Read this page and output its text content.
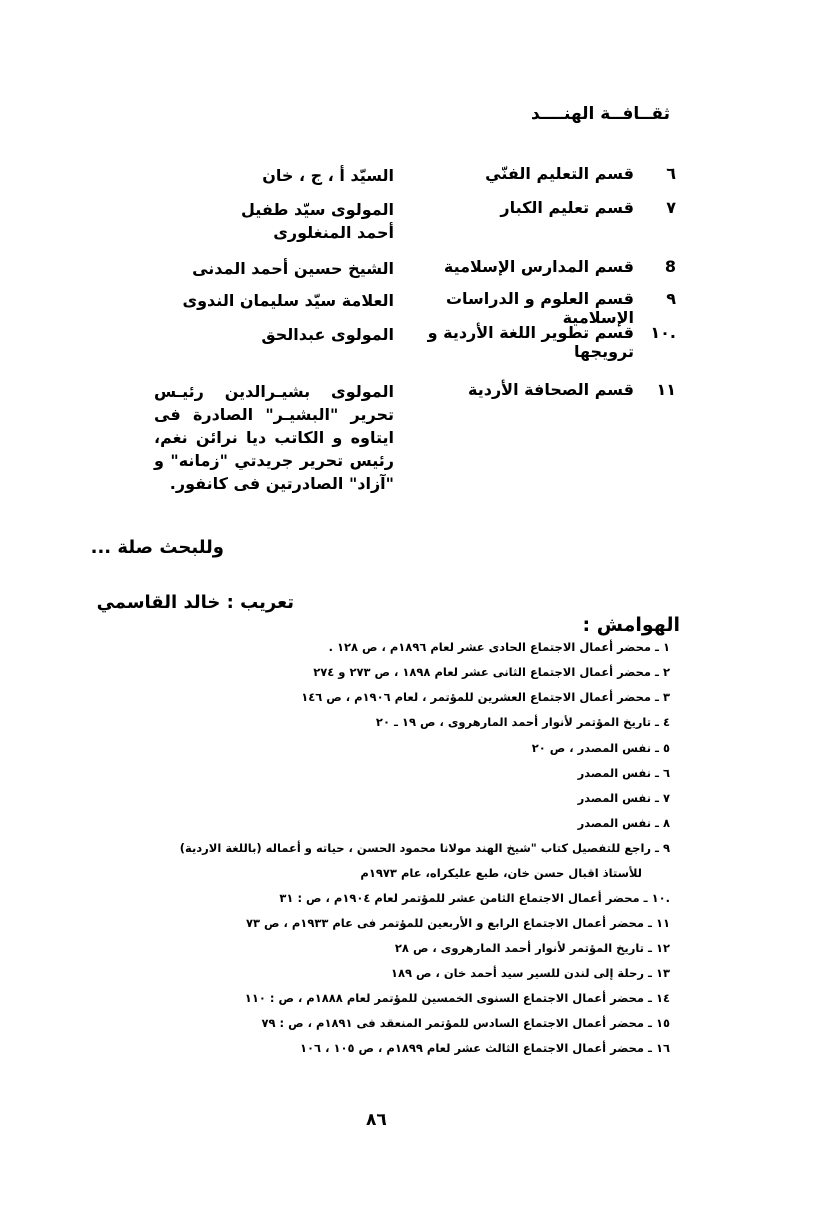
ثقــافــة الهنــــد
٦
قسم التعليم الفنّي
السيّد أ ، ج ، خان
٧
قسم تعليم الكبار
المولوى سيّد طفيل أحمد المنغلورى
8
قسم المدارس الإسلامية
الشيخ حسين أحمد المدنى
٩
قسم العلوم و الدراسات الإسلامية
العلامة سيّد سليمان الندوى
.١٠
قسم تطوير اللغة الأردية و ترويجها
المولوى عبدالحق
١١
قسم الصحافة الأردية
المولوى بشيـرالدين رئيـس تحرير "البشيـر" الصادرة فى ايتاوه و الكاتب ديا نرائن نغم، رئيس تحرير جريدتي "زمانه" و "آزاد" الصادرتين فى كانفور.
وللبحث صلة ...
تعريب : خالد القاسمي
الهوامش :
١ ـ محضر أعمال الاجتماع الحادى عشر لعام ١٨٩٦م ، ص ١٢٨ .
٢ ـ محضر أعمال الاجتماع الثانى عشر لعام ١٨٩٨ ، ص ٢٧٣ و ٢٧٤
٣ ـ محضر أعمال الاجتماع العشرين للمؤتمر ، لعام ١٩٠٦م ، ص ١٤٦
٤ ـ تاريخ المؤتمر لأنوار أحمد المارهروى ، ص ١٩ ـ ٢٠
٥ ـ نفس المصدر ، ص ٢٠
٦ ـ نفس المصدر
٧ ـ نفس المصدر
٨ ـ نفس المصدر
٩ ـ راجع للتفصيل كتاب "شيخ الهند مولانا محمود الحسن ، حياته و أعماله (باللغة الاردية)
للأستاذ اقبال حسن خان، طبع عليكراه، عام ١٩٧٣م
.١٠ ـ محضر أعمال الاجتماع الثامن عشر للمؤتمر لعام ١٩٠٤م ، ص : ٣١
١١ ـ محضر أعمال الاجتماع الرابع و الأربعين للمؤتمر فى عام ١٩٣٣م ، ص ٧٣
١٢ ـ تاريخ المؤتمر لأنوار أحمد المارهروى ، ص ٢٨
١٣ ـ رحلة إلى لندن للسير سيد أحمد خان ، ص ١٨٩
١٤ ـ محضر أعمال الاجتماع السنوى الخمسين للمؤتمر لعام ١٨٨٨م ، ص : ١١٠
١٥ ـ محضر أعمال الاجتماع السادس للمؤتمر المنعقد فى ١٨٩١م ، ص : ٧٩
١٦ ـ محضر أعمال الاجتماع الثالث عشر لعام ١٨٩٩م ، ص ١٠٥ ، ١٠٦
٨٦
